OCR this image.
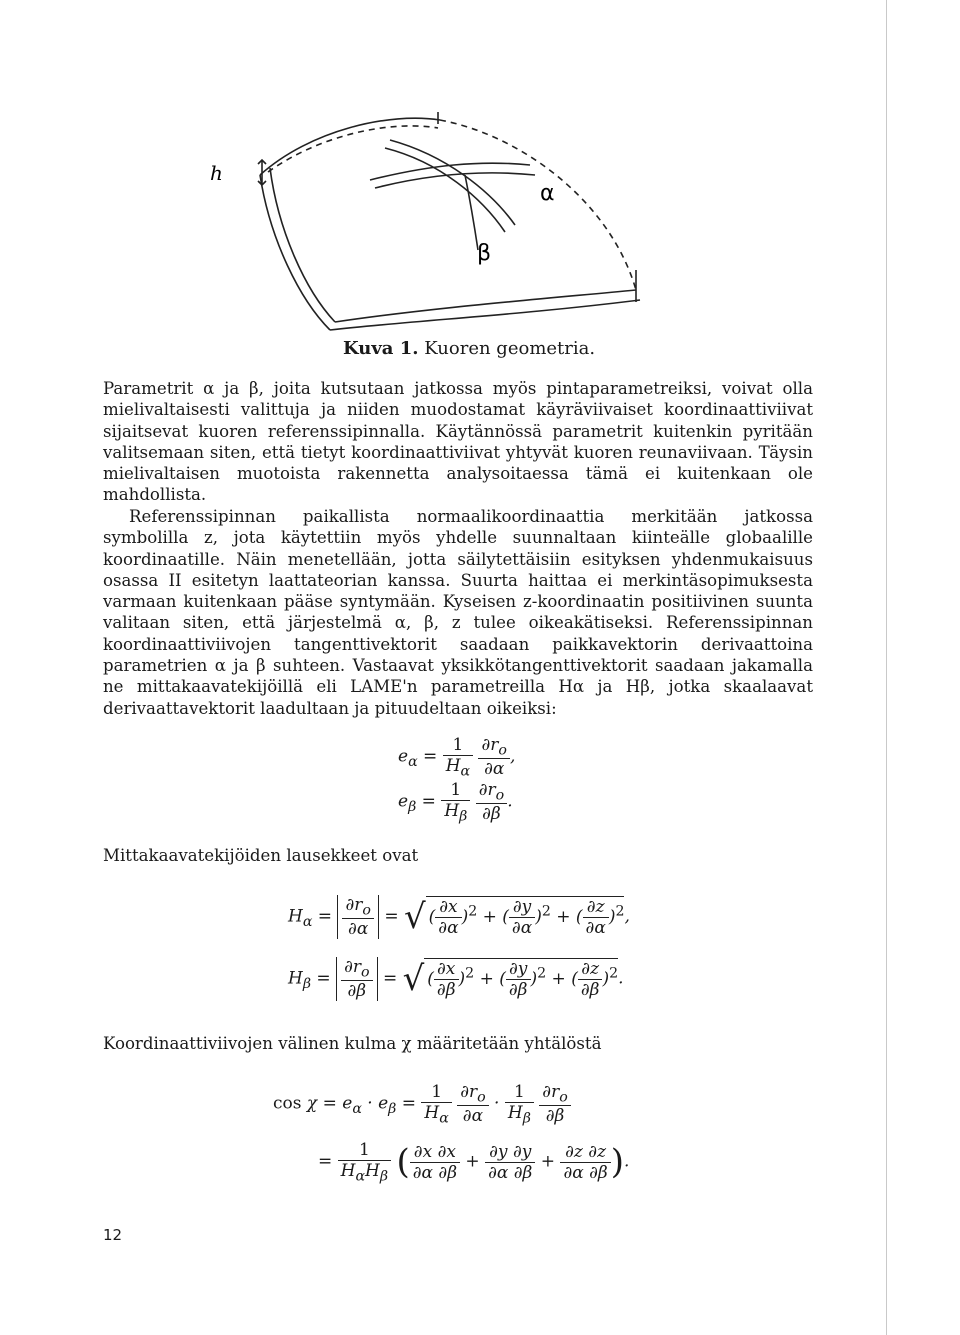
h
α
β
Kuva 1. Kuoren geometria.

Parametrit α ja β, joita kutsutaan jatkossa myös pintaparametreiksi, voivat olla mielivaltaisesti valittuja ja niiden muodostamat käyräviivaiset koordinaattiviivat sijaitsevat kuoren referenssipinnalla. Käytännössä parametrit kuitenkin pyritään valitsemaan siten, että tietyt koordinaattiviivat yhtyvät kuoren reunaviivaan. Täysin mielivaltaisen muotoista rakennetta analysoitaessa tämä ei kuitenkaan ole mahdollista.

Referenssipinnan paikallista normaalikoordinaattia merkitään jatkossa symbolilla z, jota käytettiin myös yhdelle suunnaltaan kiinteälle globaalille koordinaatille. Näin menetellään, jotta säilytettäisiin esityksen yhdenmukaisuus osassa II esitetyn laattateorian kanssa. Suurta haittaa ei merkintäsopimuksesta varmaan kuitenkaan pääse syntymään. Kyseisen z-koordinaatin positiivinen suunta valitaan siten, että järjestelmä α, β, z tulee oikeakätiseksi. Referenssipinnan koordinaattiviivojen tangenttivektorit saadaan paikkavektorin derivaattoina parametrien α ja β suhteen. Vastaavat yksikkötangenttivektorit saadaan jakamalla ne mittakaavatekijöillä eli LAME'n parametreilla Hα ja Hβ, jotka skaalaavat derivaattavektorit laadultaan ja pituudeltaan oikeiksi:

$e_\alpha = \frac{1}{H_\alpha}$
$\frac{\partial r_o}{\partial\alpha}$ ,
$e_\beta = \frac{1}{H_\beta}$
$\frac{\partial r_o}{\partial\beta}$ .
Mittakaavatekijöiden lausekkeet ovat
$H_\alpha = \frac{\partial r_o}{\partial\alpha}$ = √ ( $\frac{\partial x}{\partial\alpha} )^2$ + ( $\frac{\partial y}{\partial\alpha} )^2$ + ( $\frac{\partial z}{\partial\alpha} )^2$,
$H_\beta = \frac{\partial r_o}{\partial\beta}$ = √ ( $\frac{\partial x}{\partial\beta} )^2$ + ( $\frac{\partial y}{\partial\beta} )^2$ + ( $\frac{\partial z}{\partial\beta} )^2$.
Koordinaattiviivojen välinen kulma χ määritetään yhtälöstä
$\cos \chi = e_\alpha \cdot e_\beta = \frac{1}{H_\alpha}$
$\frac{\partial r_o}{\partial\alpha} \cdot \frac{1}{H_\beta}$
$\frac{\partial r_o}{\partial\beta}$
= $\frac{1}{H_\alpha H_\beta}$ ( $\frac{\partial x \partial x}{\partial\alpha \partial\beta} + \frac{\partial y \partial y}{\partial\alpha \partial\beta} + \frac{\partial z \partial z}{\partial\alpha \partial\beta}$ ).
12
